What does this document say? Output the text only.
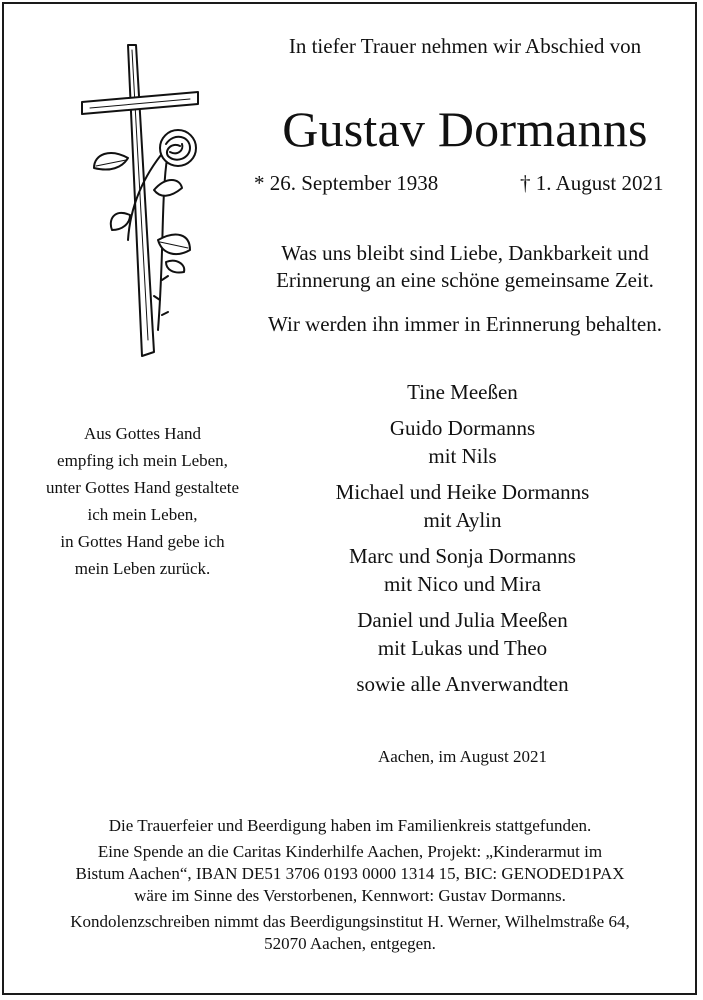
In tiefer Trauer nehmen wir Abschied von
Gustav Dormanns
* 26. September 1938	† 1. August 2021
Was uns bleibt sind Liebe, Dankbarkeit und
Erinnerung an eine schöne gemeinsame Zeit.
Wir werden ihn immer in Erinnerung behalten.
Aus Gottes Hand
empfing ich mein Leben,
unter Gottes Hand gestaltete
ich mein Leben,
in Gottes Hand gebe ich
mein Leben zurück.
Tine Meeßen
Guido Dormanns
mit Nils
Michael und Heike Dormanns
mit Aylin
Marc und Sonja Dormanns
mit Nico und Mira
Daniel und Julia Meeßen
mit Lukas und Theo
sowie alle Anverwandten
Aachen, im August 2021
Die Trauerfeier und Beerdigung haben im Familienkreis stattgefunden.
Eine Spende an die Caritas Kinderhilfe Aachen, Projekt: „Kinderarmut im
Bistum Aachen“, IBAN DE51 3706 0193 0000 1314 15, BIC: GENODED1PAX
wäre im Sinne des Verstorbenen, Kennwort: Gustav Dormanns.
Kondolenzschreiben nimmt das Beerdigungsinstitut H. Werner, Wilhelmstraße 64,
52070 Aachen, entgegen.
